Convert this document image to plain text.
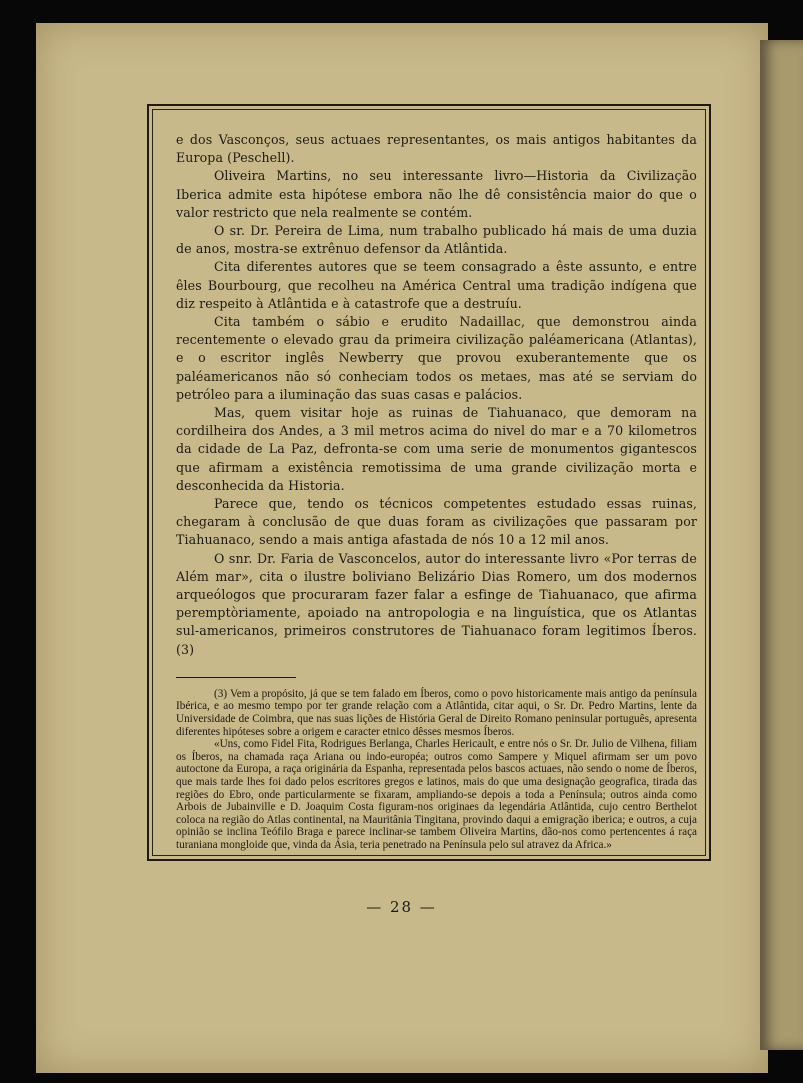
e dos Vasconços, seus actuaes representantes, os mais antigos habitantes da Europa (Peschell).

Oliveira Martins, no seu interessante livro—Historia da Civilização Iberica admite esta hipótese embora não lhe dê consistência maior do que o valor restricto que nela realmente se contém.

O sr. Dr. Pereira de Lima, num trabalho publicado há mais de uma duzia de anos, mostra-se extrênuo defensor da Atlântida.

Cita diferentes autores que se teem consagrado a êste assunto, e entre êles Bourbourg, que recolheu na América Central uma tradição indígena que diz respeito à Atlântida e à catastrofe que a destruíu.

Cita também o sábio e erudito Nadaillac, que demonstrou ainda recentemente o elevado grau da primeira civilização paléamericana (Atlantas), e o escritor inglês Newberry que provou exuberantemente que os paléamericanos não só conheciam todos os metaes, mas até se serviam do petróleo para a iluminação das suas casas e palácios.

Mas, quem visitar hoje as ruinas de Tiahuanaco, que demoram na cordilheira dos Andes, a 3 mil metros acima do nivel do mar e a 70 kilometros da cidade de La Paz, defronta-se com uma serie de monumentos gigantescos que afirmam a existência remotissima de uma grande civilização morta e desconhecida da Historia.

Parece que, tendo os técnicos competentes estudado essas ruinas, chegaram à conclusão de que duas foram as civilizações que passaram por Tiahuanaco, sendo a mais antiga afastada de nós 10 a 12 mil anos.

O snr. Dr. Faria de Vasconcelos, autor do interessante livro «Por terras de Além mar», cita o ilustre boliviano Belizário Dias Romero, um dos modernos arqueólogos que procuraram fazer falar a esfinge de Tiahuanaco, que afirma peremptòriamente, apoiado na antropologia e na linguística, que os Atlantas sul-americanos, primeiros construtores de Tiahuanaco foram legitimos Íberos. (3)

(3) Vem a propósito, já que se tem falado em Íberos, como o povo historicamente mais antigo da península Ibérica, e ao mesmo tempo por ter grande relação com a Atlântida, citar aqui, o Sr. Dr. Pedro Martins, lente da Universidade de Coimbra, que nas suas lições de História Geral de Direito Romano peninsular português, apresenta diferentes hipóteses sobre a origem e caracter etnico dêsses mesmos Íberos.

«Uns, como Fidel Fita, Rodrigues Berlanga, Charles Hericault, e entre nós o Sr. Dr. Julio de Vilhena, filiam os Íberos, na chamada raça Ariana ou indo-européa; outros como Sampere y Miquel afirmam ser um povo autoctone da Europa, a raça originária da Espanha, representada pelos bascos actuaes, não sendo o nome de Íberos, que mais tarde lhes foi dado pelos escritores gregos e latinos, mais do que uma designação geografica, tirada das regiões do Ebro, onde particularmente se fixaram, ampliando-se depois a toda a Península; outros ainda como Arbois de Jubainville e D. Joaquim Costa figuram-nos originaes da legendária Atlântida, cujo centro Berthelot coloca na região do Atlas continental, na Mauritânia Tingitana, provindo daqui a emigração iberica; e outros, a cuja opinião se inclina Teófilo Braga e parece inclinar-se tambem Oliveira Martins, dão-nos como pertencentes á raça turaniana mongloide que, vinda da Ásia, teria penetrado na Península pelo sul atravez da Africa.»

— 28 —
